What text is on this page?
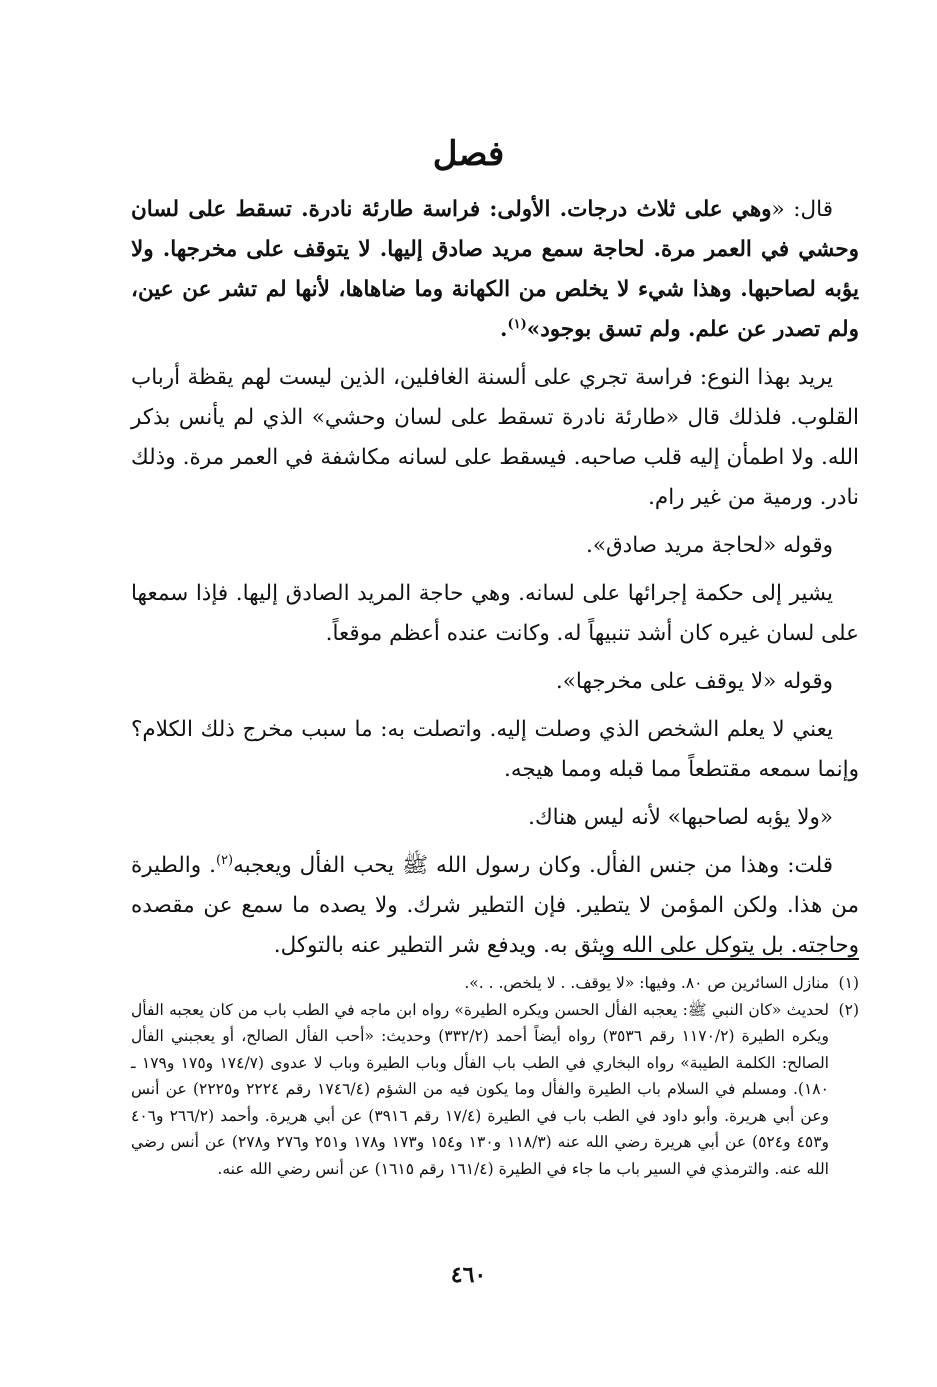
فصل

قال: «وهي على ثلاث درجات. الأولى: فراسة طارئة نادرة. تسقط على لسان وحشي في العمر مرة. لحاجة سمع مريد صادق إليها. لا يتوقف على مخرجها. ولا يؤبه لصاحبها. وهذا شيء لا يخلص من الكهانة وما ضاهاها، لأنها لم تشر عن عين، ولم تصدر عن علم. ولم تسق بوجود»$^{(١)}$.

يريد بهذا النوع: فراسة تجري على ألسنة الغافلين، الذين ليست لهم يقظة أرباب القلوب. فلذلك قال «طارئة نادرة تسقط على لسان وحشي» الذي لم يأنس بذكر الله. ولا اطمأن إليه قلب صاحبه. فيسقط على لسانه مكاشفة في العمر مرة. وذلك نادر. ورمية من غير رام.

وقوله «لحاجة مريد صادق».

يشير إلى حكمة إجرائها على لسانه. وهي حاجة المريد الصادق إليها. فإذا سمعها على لسان غيره كان أشد تنبيهاً له. وكانت عنده أعظم موقعاً.

وقوله «لا يوقف على مخرجها».

يعني لا يعلم الشخص الذي وصلت إليه. واتصلت به: ما سبب مخرج ذلك الكلام؟ وإنما سمعه مقتطعاً مما قبله ومما هيجه.

«ولا يؤبه لصاحبها» لأنه ليس هناك.

قلت: وهذا من جنس الفأل. وكان رسول الله ﷺ يحب الفأل ويعجبه$^{(٢)}$. والطيرة من هذا. ولكن المؤمن لا يتطير. فإن التطير شرك. ولا يصده ما سمع عن مقصده وحاجته. بل يتوكل على الله ويثق به. ويدفع شر التطير عنه بالتوكل.

(١)
منازل السائرين ص ٨٠. وفيها: «لا يوقف. . لا يلخص. . .».
(٢)
لحديث «كان النبي ﷺ: يعجبه الفأل الحسن ويكره الطيرة» رواه ابن ماجه في الطب باب من كان يعجبه الفأل ويكره الطيرة (١١٧٠/٢ رقم ٣٥٣٦) رواه أيضاً أحمد (٣٣٢/٢) وحديث: «أحب الفأل الصالح، أو يعجبني الفأل الصالح: الكلمة الطيبة» رواه البخاري في الطب باب الفأل وباب الطيرة وباب لا عدوى (١٧٤/٧ و١٧٥ و١٧٩ ـ ١٨٠). ومسلم في السلام باب الطيرة والفأل وما يكون فيه من الشؤم (١٧٤٦/٤ رقم ٢٢٢٤ و٢٢٢٥) عن أنس وعن أبي هريرة. وأبو داود في الطب باب في الطيرة (١٧/٤ رقم ٣٩١٦) عن أبي هريرة. وأحمد (٢٦٦/٢ و٤٠٦ و٤٥٣ و٥٢٤) عن أبي هريرة رضي الله عنه (١١٨/٣ و١٣٠ و١٥٤ و١٧٣ و١٧٨ و٢٥١ و٢٧٦ و٢٧٨) عن أنس رضي الله عنه. والترمذي في السير باب ما جاء في الطيرة (١٦١/٤ رقم ١٦١٥) عن أنس رضي الله عنه.
٤٦٠
